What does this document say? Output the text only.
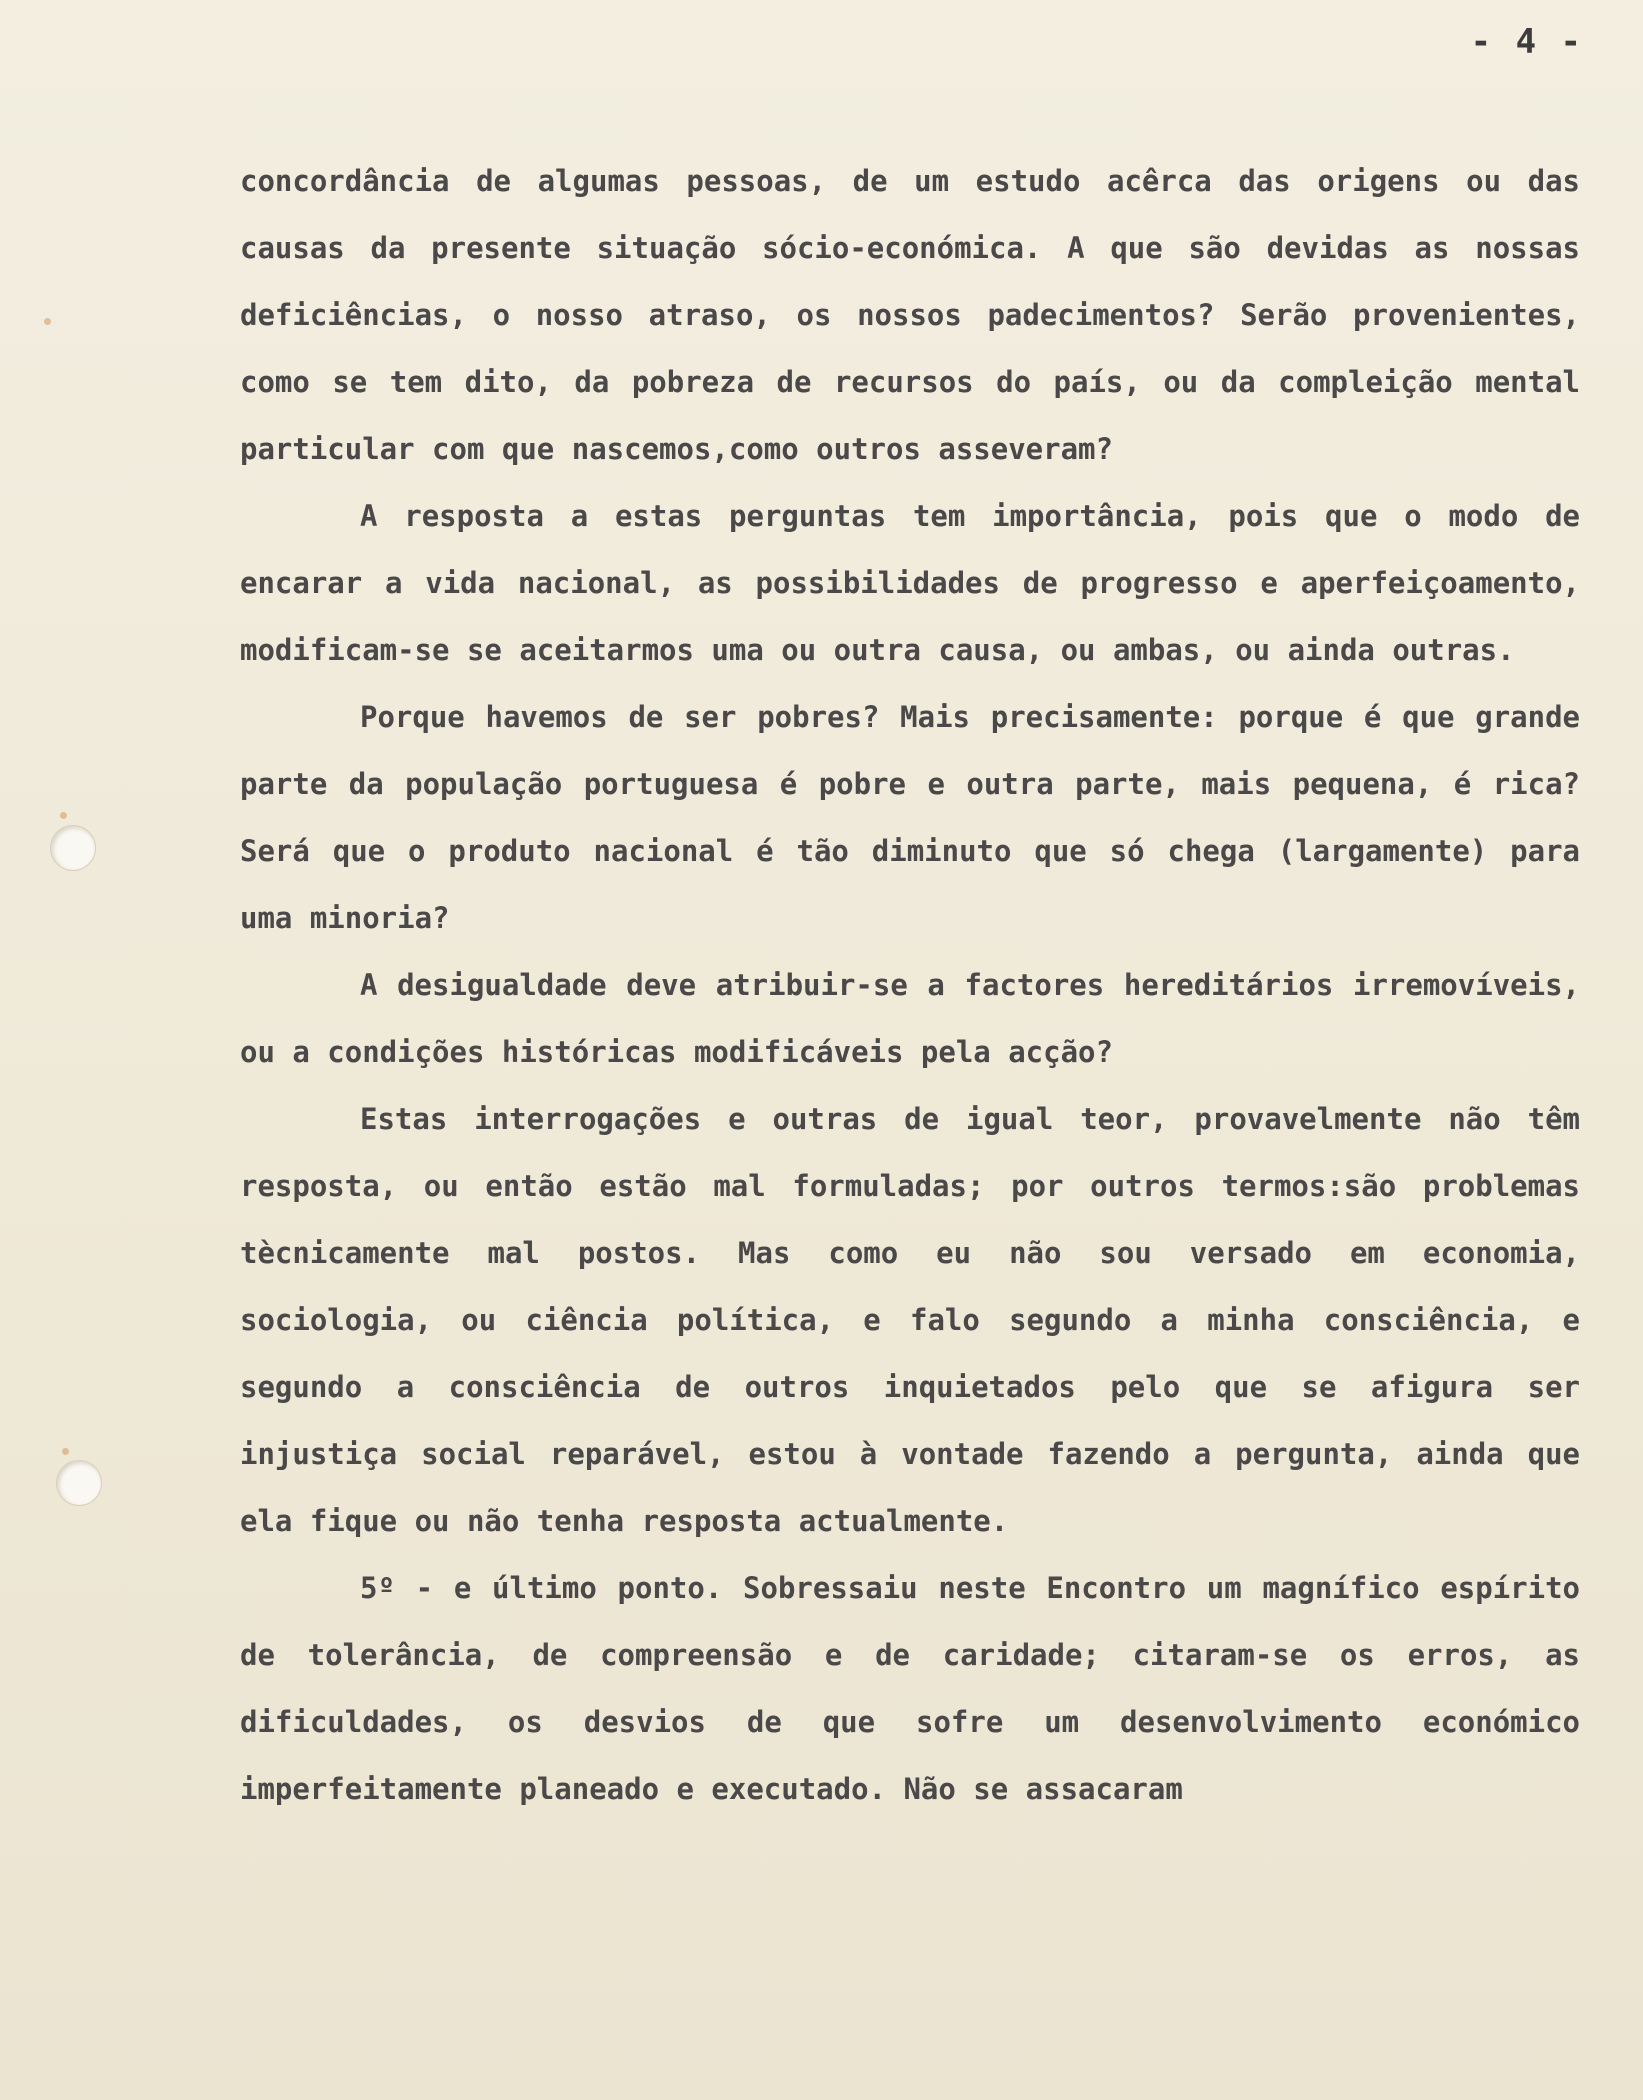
- 4 -

concordância de algumas pessoas, de um estudo acêrca das origens ou das causas da presente situação sócio-económica. A que são devidas as nossas deficiências, o nosso atraso, os nossos padecimentos? Serão provenientes, como se tem dito, da pobreza de recursos do país, ou da compleição mental particular com que nascemos,como outros asseveram?

A resposta a estas perguntas tem importância, pois que o modo de encarar a vida nacional, as possibilidades de progresso e aperfeiçoamento, modificam-se se aceitarmos uma ou outra causa, ou ambas, ou ainda outras.

Porque havemos de ser pobres? Mais precisamente: porque é que grande parte da população portuguesa é pobre e outra parte, mais pequena, é rica? Será que o produto nacional é tão diminuto que só chega (largamente) para uma minoria?

A desigualdade deve atribuir-se a factores hereditários irremovíveis, ou a condições históricas modificáveis pela acção?

Estas interrogações e outras de igual teor, provavelmente não têm resposta, ou então estão mal formuladas; por outros termos:são problemas tècnicamente mal postos. Mas como eu não sou versado em economia, sociologia, ou ciência política, e falo segundo a minha consciência, e segundo a consciência de outros inquietados pelo que se afigura ser injustiça social reparável, estou à vontade fazendo a pergunta, ainda que ela fique ou não tenha resposta actualmente.

5º - e último ponto. Sobressaiu neste Encontro um magnífico espírito de tolerância, de compreensão e de caridade; citaram-se os erros, as dificuldades, os desvios de que sofre um desenvolvimento económico imperfeitamente planeado e executado. Não se assacaram
